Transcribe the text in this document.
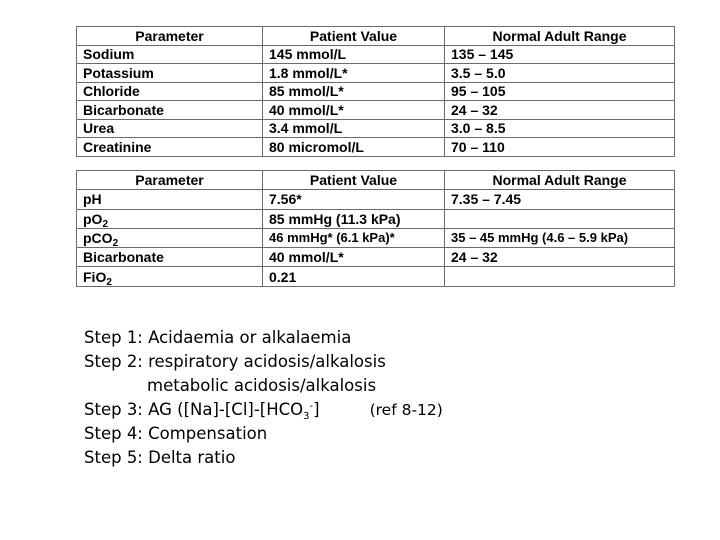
Parameter	Patient Value	Normal Adult Range
Sodium	145 mmol/L	135 – 145
Potassium	1.8 mmol/L*	3.5 – 5.0
Chloride	85 mmol/L*	95 – 105
Bicarbonate	40 mmol/L*	24 – 32
Urea	3.4 mmol/L	3.0 – 8.5
Creatinine	80 micromol/L	70 – 110
Parameter	Patient Value	Normal Adult Range
pH	7.56*	7.35 – 7.45
$pO_2$	85 mmHg (11.3 kPa)	
pCO$_2$	46 mmHg* (6.1 kPa)*	35 – 45 mmHg (4.6 – 5.9 kPa)
Bicarbonate	40 mmol/L*	24 – 32
FiO$_2$	0.21	
Step 1: Acidaemia or alkalaemia
Step 2: respiratory acidosis/alkalosis
metabolic acidosis/alkalosis
Step 3: AG ($[Na]-[Cl]-[HCO_3^-]$	(ref 8-12)
Step 4: Compensation
Step 5: Delta ratio
